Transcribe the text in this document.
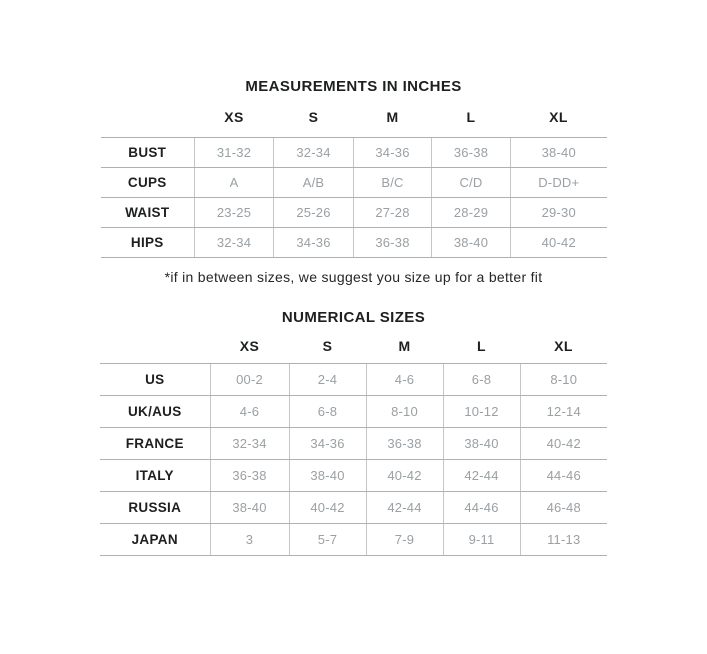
MEASUREMENTS IN INCHES
	XS	S	M	L	XL
BUST	31-32	32-34	34-36	36-38	38-40
CUPS	A	A/B	B/C	C/D	D-DD+
WAIST	23-25	25-26	27-28	28-29	29-30
HIPS	32-34	34-36	36-38	38-40	40-42
*if in between sizes, we suggest you size up for a better fit
NUMERICAL SIZES
	XS	S	M	L	XL
US	00-2	2-4	4-6	6-8	8-10
UK/AUS	4-6	6-8	8-10	10-12	12-14
FRANCE	32-34	34-36	36-38	38-40	40-42
ITALY	36-38	38-40	40-42	42-44	44-46
RUSSIA	38-40	40-42	42-44	44-46	46-48
JAPAN	3	5-7	7-9	9-11	11-13
